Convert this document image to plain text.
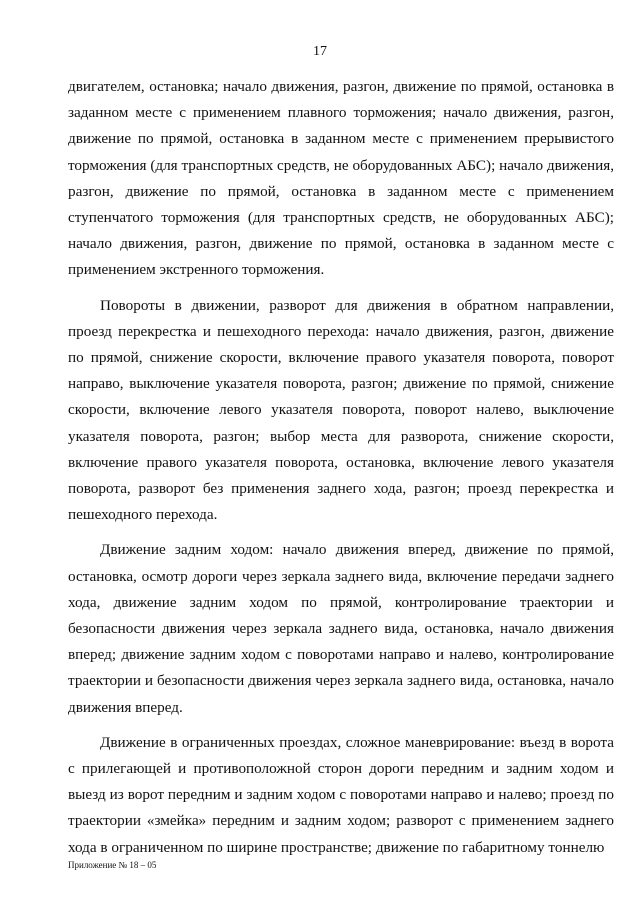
17

двигателем, остановка; начало движения, разгон, движение по прямой, остановка в заданном месте с применением плавного торможения; начало движения, разгон, движение по прямой, остановка в заданном месте с применением прерывистого торможения (для транспортных средств, не оборудованных АБС); начало движения, разгон, движение по прямой, остановка в заданном месте с применением ступенчатого торможения (для транспортных средств, не оборудованных АБС); начало движения, разгон, движение по прямой, остановка в заданном месте с применением экстренного торможения.

Повороты в движении, разворот для движения в обратном направлении, проезд перекрестка и пешеходного перехода: начало движения, разгон, движение по прямой, снижение скорости, включение правого указателя поворота, поворот направо, выключение указателя поворота, разгон; движение по прямой, снижение скорости, включение левого указателя поворота, поворот налево, выключение указателя поворота, разгон; выбор места для разворота, снижение скорости, включение правого указателя поворота, остановка, включение левого указателя поворота, разворот без применения заднего хода, разгон; проезд перекрестка и пешеходного перехода.

Движение задним ходом: начало движения вперед, движение по прямой, остановка, осмотр дороги через зеркала заднего вида, включение передачи заднего хода, движение задним ходом по прямой, контролирование траектории и безопасности движения через зеркала заднего вида, остановка, начало движения вперед; движение задним ходом с поворотами направо и налево, контролирование траектории и безопасности движения через зеркала заднего вида, остановка, начало движения вперед.

Движение в ограниченных проездах, сложное маневрирование: въезд в ворота с прилегающей и противоположной сторон дороги передним и задним ходом и выезд из ворот передним и задним ходом с поворотами направо и налево; проезд по траектории «змейка» передним и задним ходом; разворот с применением заднего хода в ограниченном по ширине пространстве; движение по габаритному тоннелю

Приложение № 18 – 05
